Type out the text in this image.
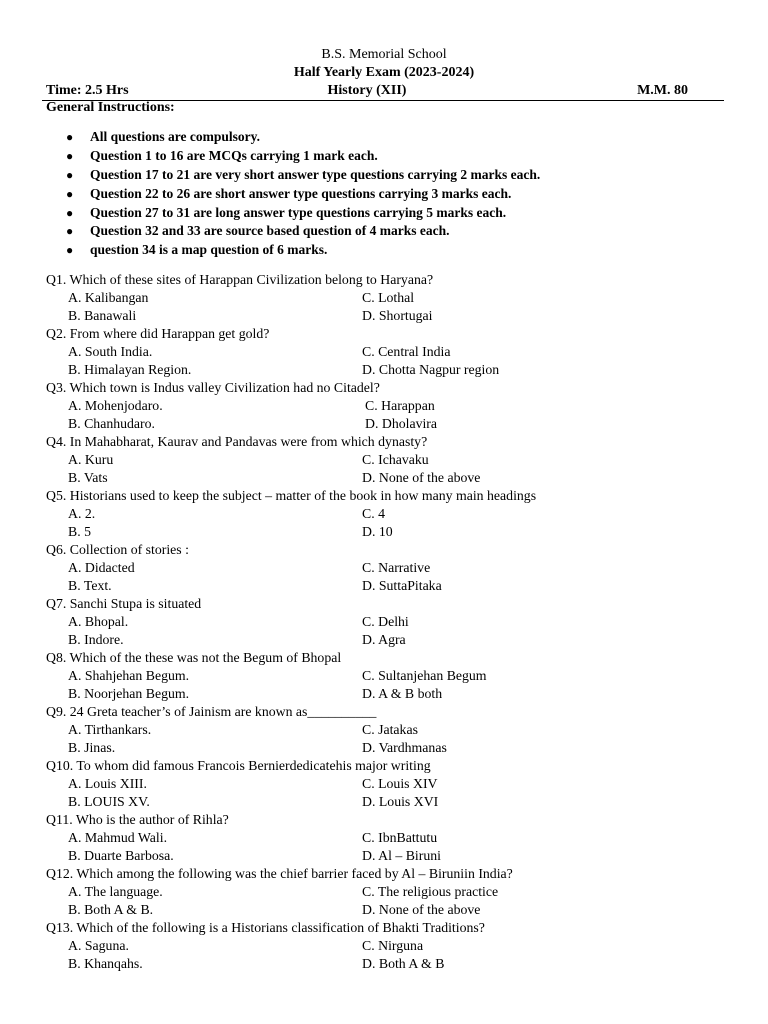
B.S. Memorial School
Half Yearly Exam (2023-2024)
Time: 2.5 Hrs	History (XII)	M.M. 80
General Instructions:
● All questions are compulsory.
● Question 1 to 16 are MCQs carrying 1 mark each.
● Question 17 to 21 are very short answer type questions carrying 2 marks each.
● Question 22 to 26 are short answer type questions carrying 3 marks each.
● Question 27 to 31 are long answer type questions carrying 5 marks each.
● Question 32 and 33 are source based question of 4 marks each.
● question 34 is a map question of 6 marks.
Q1. Which of these sites of Harappan Civilization belong to Haryana?
A. Kalibangan	C. Lothal
B. Banawali	D. Shortugai
Q2. From where did Harappan get gold?
A. South India.	C. Central India
B. Himalayan Region.	D. Chotta Nagpur region
Q3. Which town is Indus valley Civilization had no Citadel?
A. Mohenjodaro.	C. Harappan
B. Chanhudaro.	D. Dholavira
Q4. In Mahabharat, Kaurav and Pandavas were from which dynasty?
A. Kuru	C. Ichavaku
B. Vats	D. None of the above
Q5. Historians used to keep the subject – matter of the book in how many main headings
A. 2.	C. 4
B. 5	D. 10
Q6. Collection of stories :
A. Didacted	C. Narrative
B. Text.	D. SuttaPitaka
Q7. Sanchi Stupa is situated
A. Bhopal.	C. Delhi
B. Indore.	D. Agra
Q8. Which of the these was not the Begum of Bhopal
A. Shahjehan Begum.	C. Sultanjehan Begum
B. Noorjehan Begum.	D. A & B both
Q9. 24 Greta teacher’s of Jainism are known as__________
A. Tirthankars.	C. Jatakas
B. Jinas.	D. Vardhmanas
Q10. To whom did famous Francois Bernierdedicatehis major writing
A. Louis XIII.	C. Louis XIV
B. LOUIS XV.	D. Louis XVI
Q11. Who is the author of Rihla?
A. Mahmud Wali.	C. IbnBattutu
B. Duarte Barbosa.	D. Al – Biruni
Q12. Which among the following was the chief barrier faced by Al – Biruniin India?
A. The language.	C. The religious practice
B. Both A & B.	D. None of the above
Q13. Which of the following is a Historians classification of Bhakti Traditions?
A. Saguna.	C. Nirguna
B. Khanqahs.	D. Both A & B
